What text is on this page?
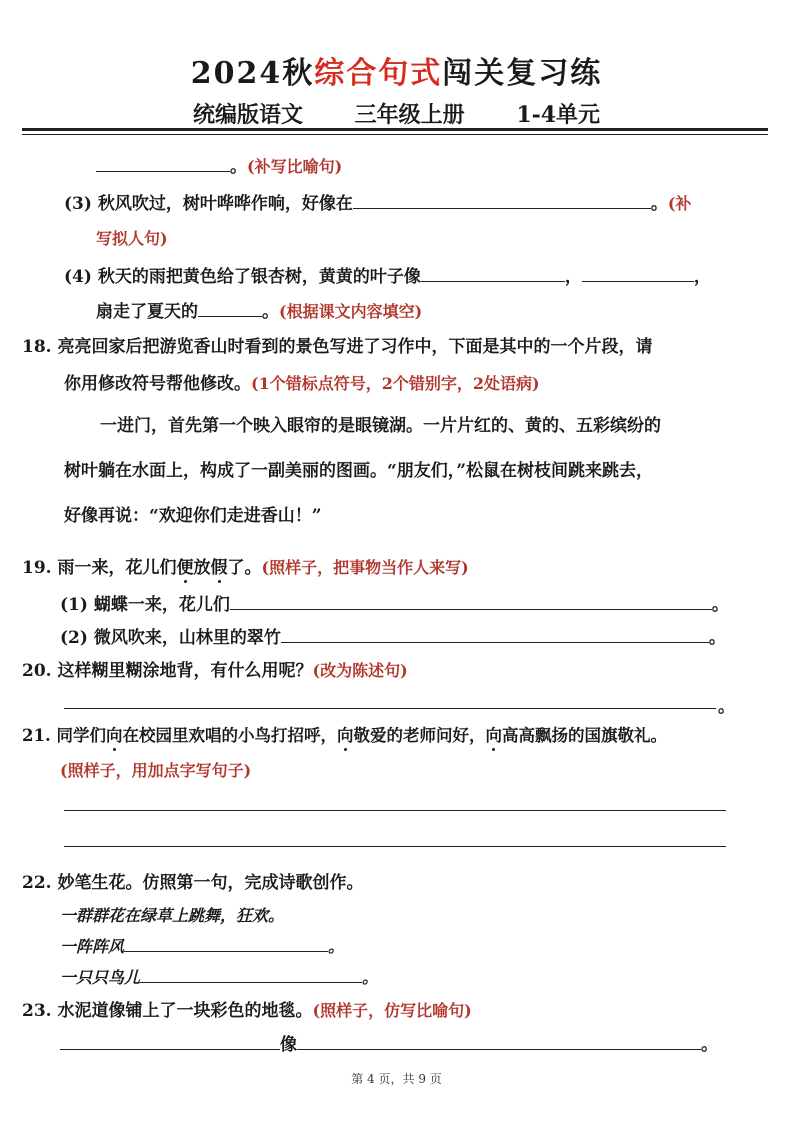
2024秋综合句式闯关复习练
统编版语文 三年级上册 1-4单元
。(补写比喻句)
(3) 秋风吹过，树叶哗哗作响，好像在	。(补
写拟人句)
(4) 秋天的雨把黄色给了银杏树，黄黄的叶子像	，	，
扇走了夏天的	。(根据课文内容填空)
18. 亮亮回家后把游览香山时看到的景色写进了习作中，下面是其中的一个片段，请
你用修改符号帮他修改。(1个错标点符号，2个错别字，2处语病)
一进门，首先第一个映入眼帘的是眼镜湖。一片片红的、黄的、五彩缤纷的
树叶躺在水面上，构成了一副美丽的图画。“朋友们，”松鼠在树枝间跳来跳去，
好像再说：“欢迎你们走进香山！”
19. 雨一来，花儿们便放假了。(照样子，把事物当作人来写)
(1) 蝴蝶一来，花儿们	。
(2) 微风吹来，山林里的翠竹	。
20. 这样糊里糊涂地背，有什么用呢？(改为陈述句)
。
21. 同学们向在校园里欢唱的小鸟打招呼，向敬爱的老师问好，向高高飘扬的国旗敬礼。
(照样子，用加点字写句子)
22. 妙笔生花。仿照第一句，完成诗歌创作。
一群群花在绿草上跳舞，狂欢。
一阵阵风	。
一只只鸟儿	。
23. 水泥道像铺上了一块彩色的地毯。(照样子，仿写比喻句)
像	。
第 4 页，共 9 页
